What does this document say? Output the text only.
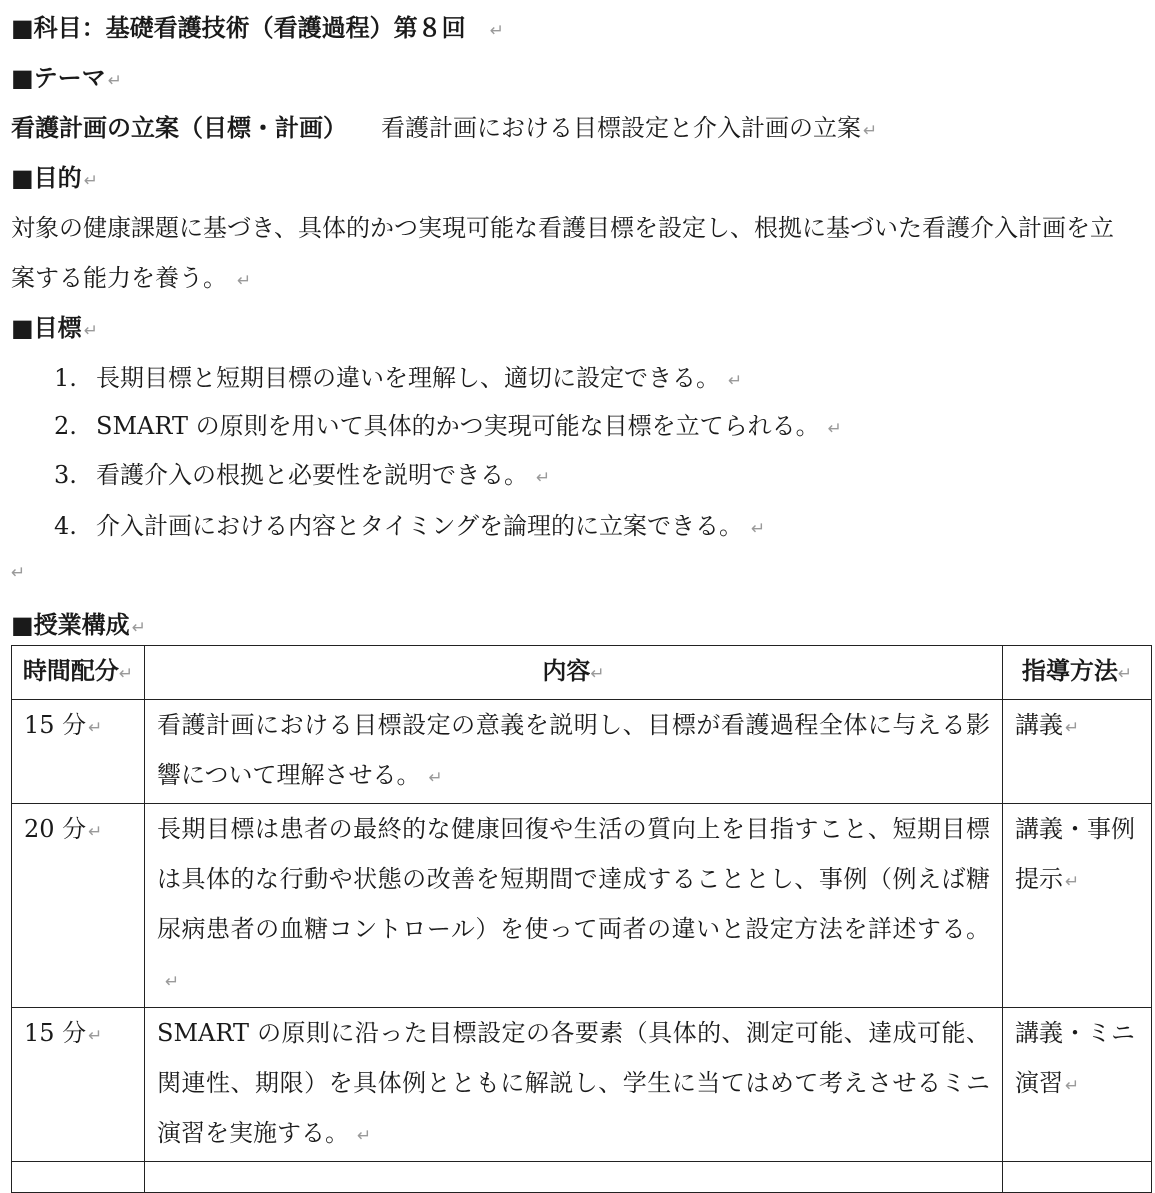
■科目：基礎看護技術（看護過程）第８回 ↵
■テーマ ↵
看護計画の立案（目標・計画） 看護計画における目標設定と介入計画の立案 ↵
■目的 ↵
対象の健康課題に基づき、具体的かつ実現可能な看護目標を設定し、根拠に基づいた看護介入計画を立
案する能力を養う。 ↵
■目標 ↵
1. 長期目標と短期目標の違いを理解し、適切に設定できる。 ↵
2. SMART の原則を用いて具体的かつ実現可能な目標を立てられる。 ↵
3. 看護介入の根拠と必要性を説明できる。 ↵
4. 介入計画における内容とタイミングを論理的に立案できる。 ↵
↵
■授業構成 ↵
時間配分↵	内容↵	指導方法↵
15 分 ↵	看護計画における目標設定の意義を説明し、目標が看護過程全体に与える影響について理解させる。 ↵	講義 ↵
20 分 ↵	長期目標は患者の最終的な健康回復や生活の質向上を目指すこと、短期目標は具体的な行動や状態の改善を短期間で達成することとし、事例（例えば糖尿病患者の血糖コントロール）を使って両者の違いと設定方法を詳述する。↵	講義・事例提示 ↵
15 分 ↵	SMART の原則に沿った目標設定の各要素（具体的、測定可能、達成可能、関連性、期限）を具体例とともに解説し、学生に当てはめて考えさせるミニ演習を実施する。 ↵	講義・ミニ演習 ↵
